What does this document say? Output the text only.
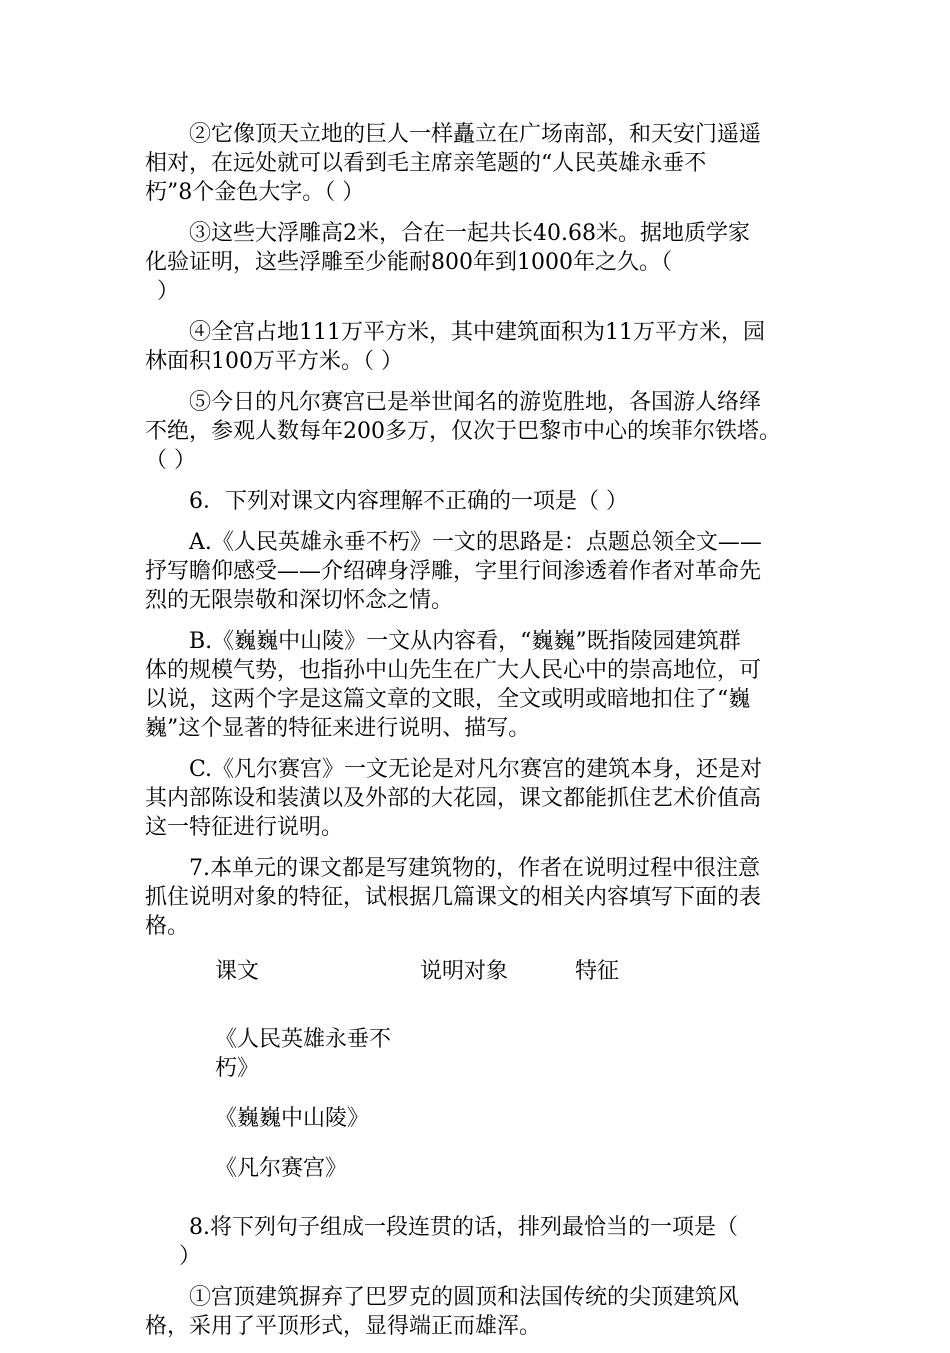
②它像顶天立地的巨人一样矗立在广场南部，和天安门遥遥
相对，在远处就可以看到毛主席亲笔题的“人民英雄永垂不
朽”8个金色大字。（ ）

③这些大浮雕高2米，合在一起共长40.68米。据地质学家
化验证明，这些浮雕至少能耐800年到1000年之久。（
）

④全宫占地111万平方米，其中建筑面积为11万平方米，园
林面积100万平方米。（ ）

⑤今日的凡尔赛宫已是举世闻名的游览胜地，各国游人络绎
不绝，参观人数每年200多万，仅次于巴黎市中心的埃菲尔铁塔。
（ ）

6．下列对课文内容理解不正确的一项是（ ）

A.《人民英雄永垂不朽》一文的思路是：点题总领全文——
抒写瞻仰感受——介绍碑身浮雕，字里行间渗透着作者对革命先
烈的无限崇敬和深切怀念之情。

B.《巍巍中山陵》一文从内容看，“巍巍”既指陵园建筑群
体的规模气势，也指孙中山先生在广大人民心中的崇高地位，可
以说，这两个字是这篇文章的文眼，全文或明或暗地扣住了“巍
巍”这个显著的特征来进行说明、描写。

C.《凡尔赛宫》一文无论是对凡尔赛宫的建筑本身，还是对
其内部陈设和装潢以及外部的大花园，课文都能抓住艺术价值高
这一特征进行说明。

7.本单元的课文都是写建筑物的，作者在说明过程中很注意
抓住说明对象的特征，试根据几篇课文的相关内容填写下面的表
格。

课文	说明对象	特征
《人民英雄永垂不
朽》
《巍巍中山陵》
《凡尔赛宫》

8.将下列句子组成一段连贯的话，排列最恰当的一项是（
）

①宫顶建筑摒弃了巴罗克的圆顶和法国传统的尖顶建筑风
格，采用了平顶形式，显得端正而雄浑。
